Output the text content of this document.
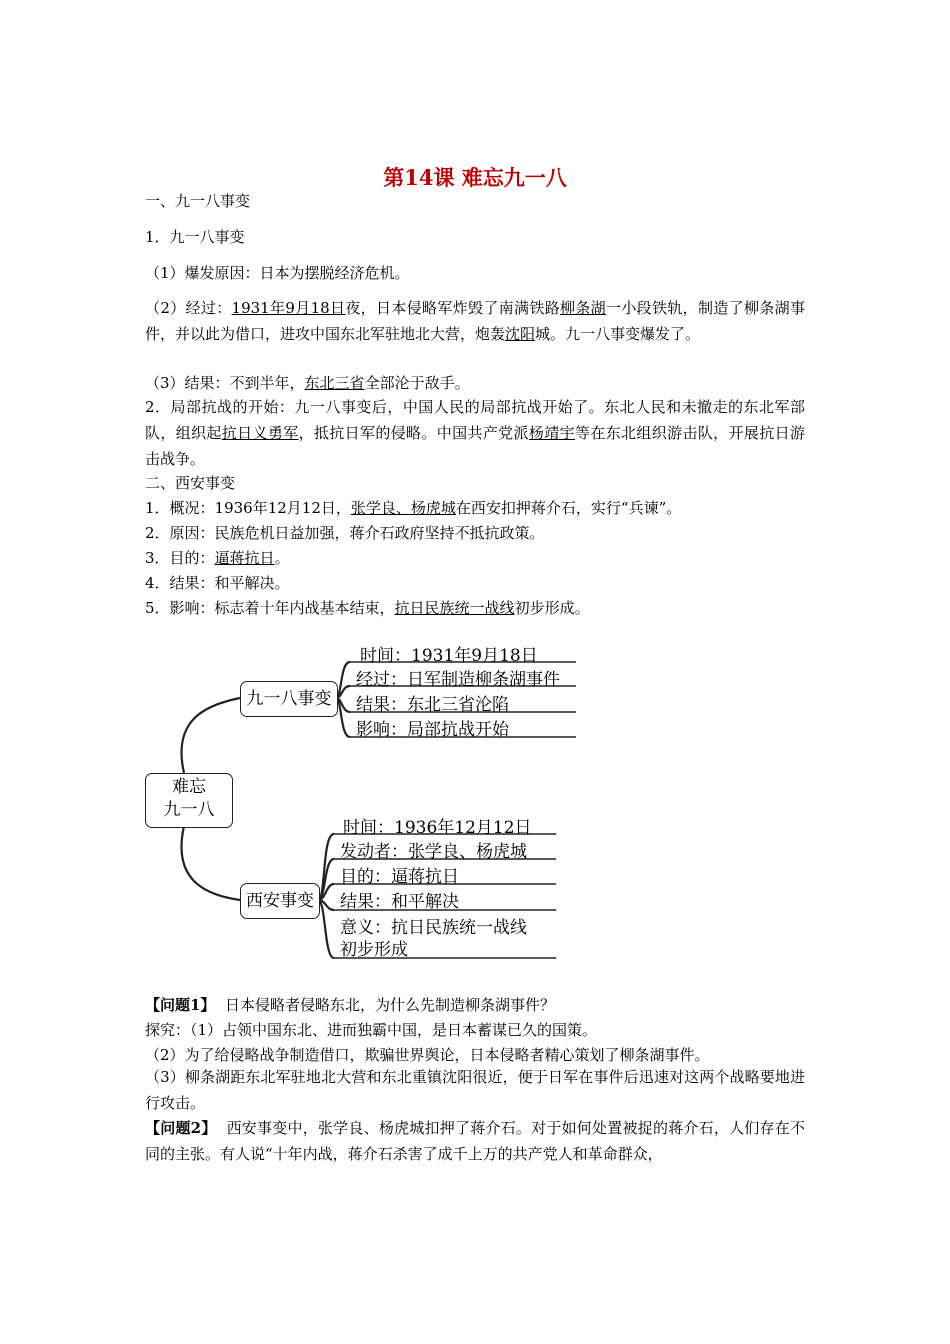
第14课 难忘九一八
一、九一八事变
1．九一八事变
（1）爆发原因：日本为摆脱经济危机。
（2）经过：1931年9月18日夜，日本侵略军炸毁了南满铁路柳条湖一小段铁轨，制造了柳条湖事件，并以此为借口，进攻中国东北军驻地北大营，炮轰沈阳城。九一八事变爆发了。
（3）结果：不到半年，东北三省全部沦于敌手。
2．局部抗战的开始：九一八事变后，中国人民的局部抗战开始了。东北人民和未撤走的东北军部队，组织起抗日义勇军，抵抗日军的侵略。中国共产党派杨靖宇等在东北组织游击队，开展抗日游击战争。
二、西安事变
1．概况：1936年12月12日，张学良、杨虎城在西安扣押蒋介石，实行“兵谏”。
2．原因：民族危机日益加强，蒋介石政府坚持不抵抗政策。
3．目的：逼蒋抗日。
4．结果：和平解决。
5．影响：标志着十年内战基本结束，抗日民族统一战线初步形成。
难忘
九一八
九一八事变
西安事变
时间：1931年9月18日
经过：日军制造柳条湖事件
结果：东北三省沦陷
影响：局部抗战开始
时间：1936年12月12日
发动者：张学良、杨虎城
目的：逼蒋抗日
结果：和平解决
意义：抗日民族统一战线
初步形成
【问题1】 日本侵略者侵略东北，为什么先制造柳条湖事件？
探究：（1）占领中国东北、进而独霸中国，是日本蓄谋已久的国策。
（2）为了给侵略战争制造借口，欺骗世界舆论，日本侵略者精心策划了柳条湖事件。
（3）柳条湖距东北军驻地北大营和东北重镇沈阳很近，便于日军在事件后迅速对这两个战略要地进行攻击。
【问题2】 西安事变中，张学良、杨虎城扣押了蒋介石。对于如何处置被捉的蒋介石，人们存在不同的主张。有人说“十年内战，蒋介石杀害了成千上万的共产党人和革命群众，
